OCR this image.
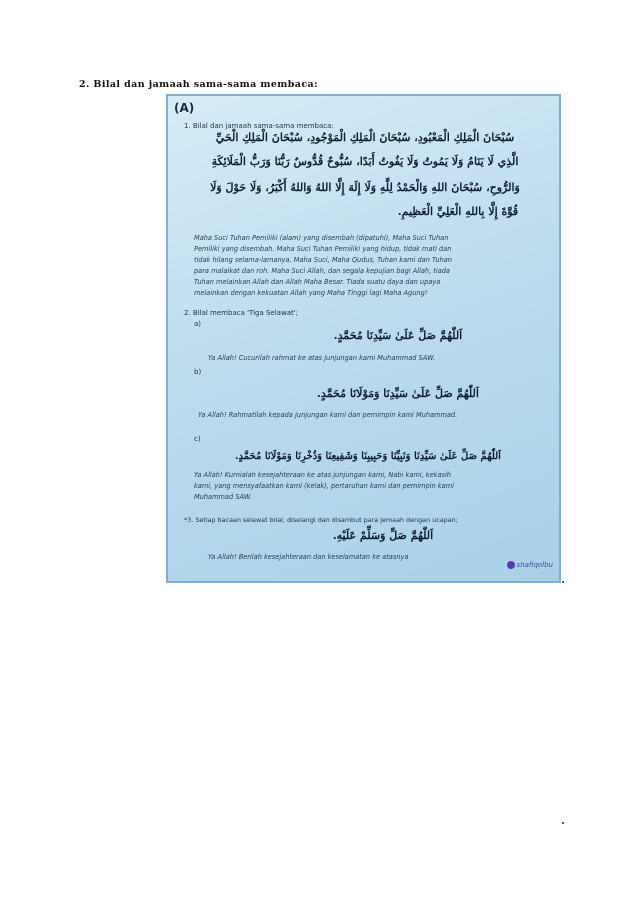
2. Bilal dan jamaah sama-sama membaca:
(A)
1. Bilal dan jamaah sama-sama membaca:
سُبْحَانَ الْمَلِكِ الْمَعْبُودِ، سُبْحَانَ الْمَلِكِ الْمَوْجُودِ، سُبْحَانَ الْمَلِكِ الْحَيِّ
الَّذِي لَا يَنَامُ وَلَا يَمُوتُ وَلَا يَفُوتُ أَبَدًا، سُبُّوحٌ قُدُّوسٌ رَبُّنَا وَرَبُّ الْمَلَائِكَةِ
وَالرُّوحِ، سُبْحَانَ اللهِ وَالْحَمْدُ لِلَّهِ وَلَا إِلَهَ إِلَّا اللهُ وَاللهُ أَكْبَرُ، وَلَا حَوْلَ وَلَا
قُوَّةَ إِلَّا بِاللهِ الْعَلِيِّ الْعَظِيمِ.
Maha Suci Tuhan Pemiliki (alam) yang disembah (dipatuhi), Maha Suci Tuhan
Pemiliki yang disembah. Maha Suci Tuhan Pemiliki yang hidup, tidak mati dan
tidak hilang selama-lamanya. Maha Suci, Maha Qudus, Tuhan kami dan Tuhan
para malaikat dan roh. Maha Suci Allah, dan segala kepujian bagi Allah, tiada
Tuhan melainkan Allah dan Allah Maha Besar. Tiada suatu daya dan upaya
melainkan dengan kekuatan Allah yang Maha Tinggi lagi Maha Agung!
2. Bilal membaca 'Tiga Selawat';
a)
اَللّٰهُمَّ صَلِّ عَلَىٰ سَيِّدِنَا مُحَمَّدٍ.
Ya Allah! Cucurilah rahmat ke atas junjungan kami Muhammad SAW.
b)
اَللّٰهُمَّ صَلِّ عَلَىٰ سَيِّدِنَا وَمَوْلَانَا مُحَمَّدٍ.
Ya Allah! Rahmatilah kepada junjungan kami dan pemimpin kami Muhammad.
c)
اَللّٰهُمَّ صَلِّ عَلَىٰ سَيِّدِنَا وَنَبِيِّنَا وَحَبِيبِنَا وَشَفِيعِنَا وَذُخْرِنَا وَمَوْلَانَا مُحَمَّدٍ.
Ya Allah! Kurnialah kesejahteraan ke atas junjungan kami, Nabi kami, kekasih
kami, yang mensyafaatkan kami (kelak), pertaruhan kami dan pemimpin kami
Muhammad SAW.
*3. Setiap bacaan selawat bilal, diselangi dan disambut para jemaah dengan ucapan;
اَللّٰهُمَّ صَلِّ وَسَلِّمْ عَلَيْهِ.
Ya Allah! Berilah kesejahteraan dan keselamatan ke atasnya
shafiqolbu
